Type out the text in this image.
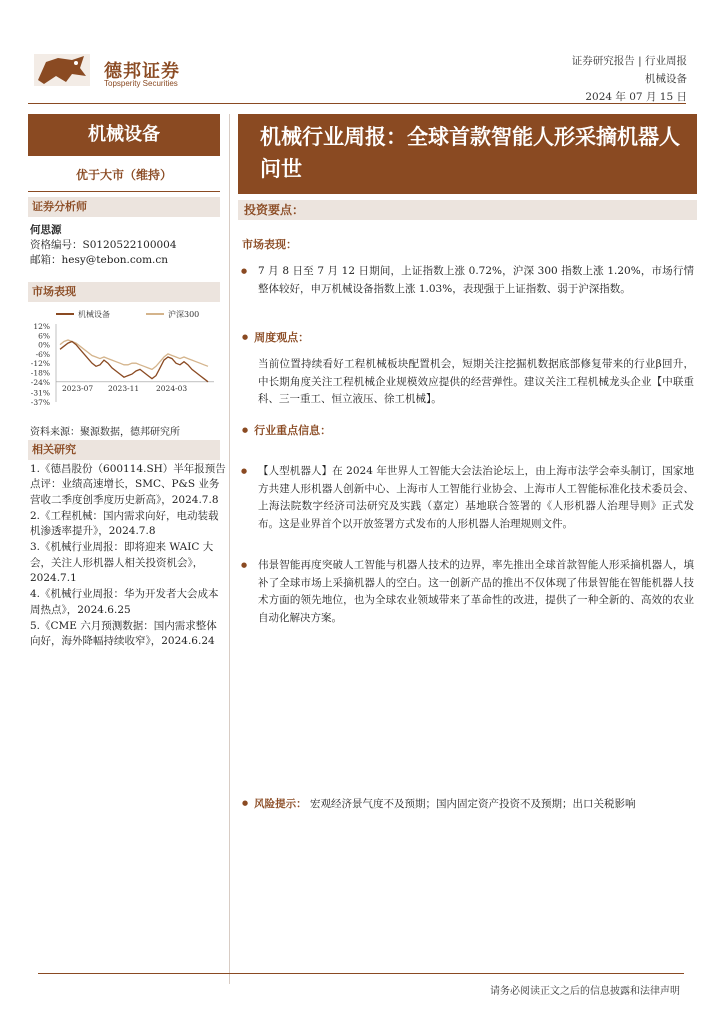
德邦证券
Topsperity Securities
证券研究报告 | 行业周报
机械设备
2024 年 07 月 15 日
机械设备
优于大市（维持）
证券分析师
何思源
资格编号：S0120522100004
邮箱：hesy@tebon.com.cn
市场表现
机械设备	沪深300
12%
6%
0%
-6%
-12%
-18%
-24%
-31%
-37%
2023-07 2023-11 2024-03
资料来源：聚源数据，德邦研究所
相关研究
1.《德昌股份（600114.SH）半年报预告点评：业绩高速增长，SMC、P&S 业务营收二季度创季度历史新高》，2024.7.8
2.《工程机械：国内需求向好，电动装载机渗透率提升》，2024.7.8
3.《机械行业周报：即将迎来 WAIC 大会，关注人形机器人相关投资机会》，2024.7.1
4.《机械行业周报：华为开发者大会成本周热点》，2024.6.25
5.《CME 六月预测数据：国内需求整体向好，海外降幅持续收窄》，2024.6.24
机械行业周报：全球首款智能人形采摘机器人问世
投资要点：
市场表现：
● 7 月 8 日至 7 月 12 日期间，上证指数上涨 0.72%，沪深 300 指数上涨 1.20%，市场行情整体较好，申万机械设备指数上涨 1.03%，表现强于上证指数、弱于沪深指数。
● 周度观点：
当前位置持续看好工程机械板块配置机会，短期关注挖掘机数据底部修复带来的行业β回升，中长期角度关注工程机械企业规模效应提供的经营弹性。建议关注工程机械龙头企业【中联重科、三一重工、恒立液压、徐工机械】。
● 行业重点信息：
● 【人型机器人】在 2024 年世界人工智能大会法治论坛上，由上海市法学会牵头制订，国家地方共建人形机器人创新中心、上海市人工智能行业协会、上海市人工智能标准化技术委员会、上海法院数字经济司法研究及实践（嘉定）基地联合签署的《人形机器人治理导则》正式发布。这是业界首个以开放签署方式发布的人形机器人治理规则文件。
● 伟景智能再度突破人工智能与机器人技术的边界，率先推出全球首款智能人形采摘机器人，填补了全球市场上采摘机器人的空白。这一创新产品的推出不仅体现了伟景智能在智能机器人技术方面的领先地位，也为全球农业领域带来了革命性的改进，提供了一种全新的、高效的农业自动化解决方案。
● 风险提示： 宏观经济景气度不及预期；国内固定资产投资不及预期；出口关税影响
请务必阅读正文之后的信息披露和法律声明
